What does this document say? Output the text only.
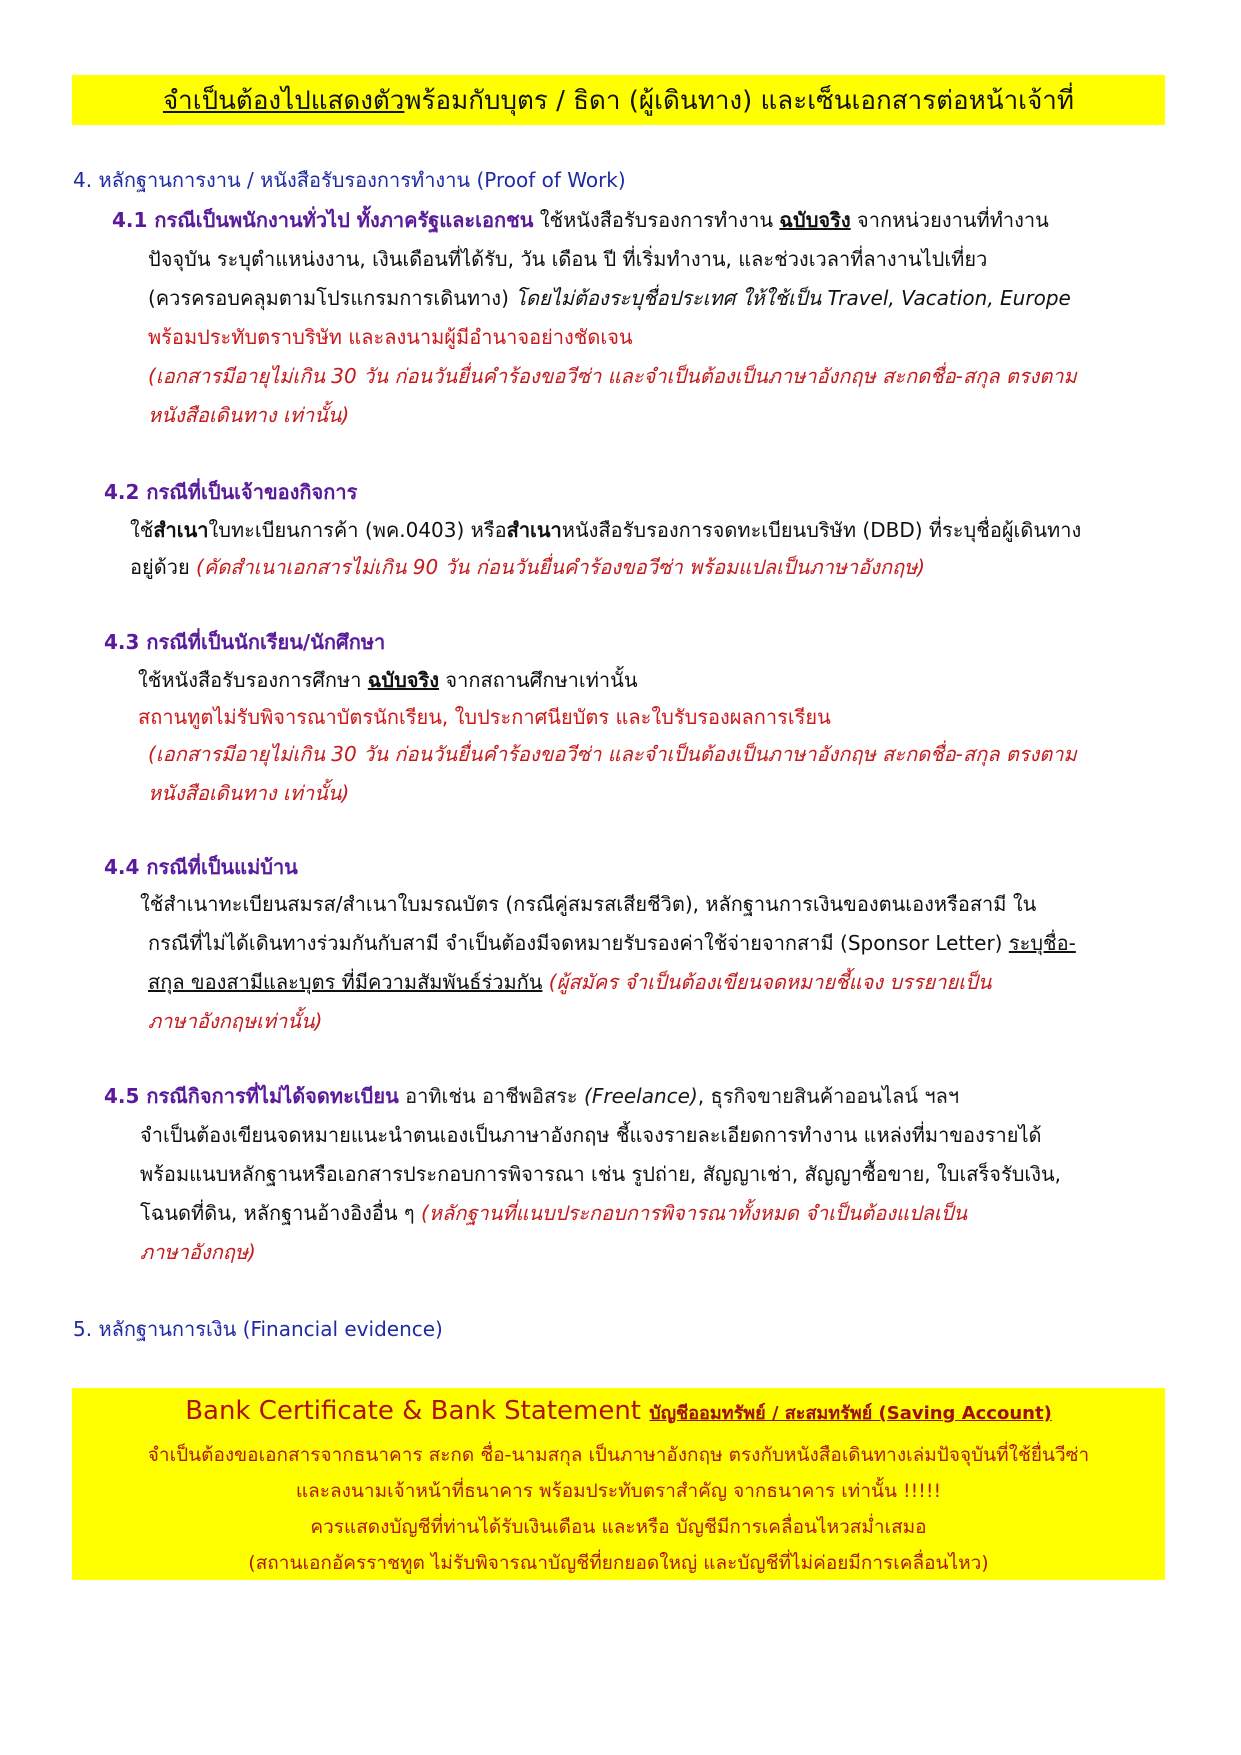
จำเป็นต้องไปแสดงตัว พร้อมกับบุตร / ธิดา (ผู้เดินทาง) และเซ็นเอกสารต่อหน้าเจ้าที่
4. หลักฐานการงาน / หนังสือรับรองการทำงาน (Proof of Work)
4.1 กรณีเป็นพนักงานทั่วไป ทั้งภาครัฐและเอกชน ใช้หนังสือรับรองการทำงาน ฉบับจริง จากหน่วยงานที่ทำงาน
ปัจจุบัน ระบุตำแหน่งงาน, เงินเดือนที่ได้รับ, วัน เดือน ปี ที่เริ่มทำงาน, และช่วงเวลาที่ลางานไปเที่ยว
(ควรครอบคลุมตามโปรแกรมการเดินทาง) โดยไม่ต้องระบุชื่อประเทศ ให้ใช้เป็น Travel, Vacation, Europe
พร้อมประทับตราบริษัท และลงนามผู้มีอำนาจอย่างชัดเจน
(เอกสารมีอายุไม่เกิน 30 วัน ก่อนวันยื่นคำร้องขอวีซ่า และจำเป็นต้องเป็นภาษาอังกฤษ สะกดชื่อ-สกุล ตรงตาม
หนังสือเดินทาง เท่านั้น)
4.2 กรณีที่เป็นเจ้าของกิจการ
ใช้สำเนาใบทะเบียนการค้า (พค.0403) หรือสำเนาหนังสือรับรองการจดทะเบียนบริษัท (DBD) ที่ระบุชื่อผู้เดินทาง
อยู่ด้วย (คัดสำเนาเอกสารไม่เกิน 90 วัน ก่อนวันยื่นคำร้องขอวีซ่า พร้อมแปลเป็นภาษาอังกฤษ)
4.3 กรณีที่เป็นนักเรียน/นักศึกษา
ใช้หนังสือรับรองการศึกษา ฉบับจริง จากสถานศึกษาเท่านั้น
สถานทูตไม่รับพิจารณาบัตรนักเรียน, ใบประกาศนียบัตร และใบรับรองผลการเรียน
(เอกสารมีอายุไม่เกิน 30 วัน ก่อนวันยื่นคำร้องขอวีซ่า และจำเป็นต้องเป็นภาษาอังกฤษ สะกดชื่อ-สกุล ตรงตาม
หนังสือเดินทาง เท่านั้น)
4.4 กรณีที่เป็นแม่บ้าน
ใช้สำเนาทะเบียนสมรส/สำเนาใบมรณบัตร (กรณีคู่สมรสเสียชีวิต), หลักฐานการเงินของตนเองหรือสามี ใน
กรณีที่ไม่ได้เดินทางร่วมกันกับสามี จำเป็นต้องมีจดหมายรับรองค่าใช้จ่ายจากสามี (Sponsor Letter) ระบุชื่อ-
สกุล ของสามีและบุตร ที่มีความสัมพันธ์ร่วมกัน (ผู้สมัคร จำเป็นต้องเขียนจดหมายชี้แจง บรรยายเป็น
ภาษาอังกฤษเท่านั้น)
4.5 กรณีกิจการที่ไม่ได้จดทะเบียน อาทิเช่น อาชีพอิสระ (Freelance), ธุรกิจขายสินค้าออนไลน์ ฯลฯ
จำเป็นต้องเขียนจดหมายแนะนำตนเองเป็นภาษาอังกฤษ ชี้แจงรายละเอียดการทำงาน แหล่งที่มาของรายได้
พร้อมแนบหลักฐานหรือเอกสารประกอบการพิจารณา เช่น รูปถ่าย, สัญญาเช่า, สัญญาซื้อขาย, ใบเสร็จรับเงิน,
โฉนดที่ดิน, หลักฐานอ้างอิงอื่น ๆ (หลักฐานที่แนบประกอบการพิจารณาทั้งหมด จำเป็นต้องแปลเป็น
ภาษาอังกฤษ)
5. หลักฐานการเงิน (Financial evidence)
Bank Certificate & Bank Statement บัญชีออมทรัพย์ / สะสมทรัพย์ (Saving Account)
จำเป็นต้องขอเอกสารจากธนาคาร สะกด ชื่อ-นามสกุล เป็นภาษาอังกฤษ ตรงกับหนังสือเดินทางเล่มปัจจุบันที่ใช้ยื่นวีซ่า
และลงนามเจ้าหน้าที่ธนาคาร พร้อมประทับตราสำคัญ จากธนาคาร เท่านั้น !!!!!
ควรแสดงบัญชีที่ท่านได้รับเงินเดือน และหรือ บัญชีมีการเคลื่อนไหวสม่ำเสมอ
(สถานเอกอัครราชทูต ไม่รับพิจารณาบัญชีที่ยกยอดใหญ่ และบัญชีที่ไม่ค่อยมีการเคลื่อนไหว)
